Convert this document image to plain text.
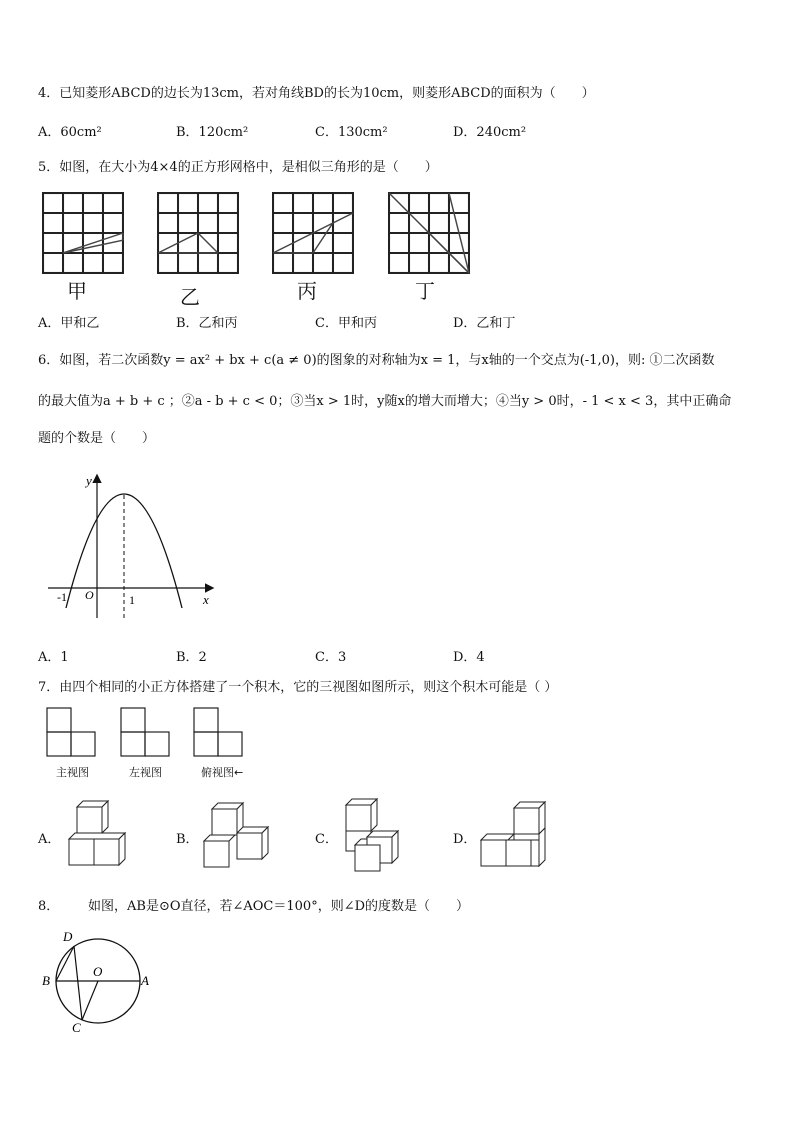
4．已知菱形ABCD的边长为13cm，若对角线BD的长为10cm，则菱形ABCD的面积为（　　）
A．60cm²	B．120cm²	C．130cm²	D．240cm²
5．如图，在大小为4×4的正方形网格中，是相似三角形的是（　　）
甲	乙	丙	丁
A．甲和乙	B．乙和丙	C．甲和丙	D．乙和丁
6．如图，若二次函数y = ax² + bx + c(a ≠ 0)的图象的对称轴为x = 1，与x轴的一个交点为(-1,0)，则: ①二次函数
的最大值为a + b + c ；②a - b + c < 0；③当x > 1时，y随x的增大而增大；④当y > 0时，- 1 < x < 3，其中正确命
题的个数是（　　）
y
x
O
-1	1
A．1	B．2	C．3	D．4
7．由四个相同的小正方体搭建了一个积木，它的三视图如图所示，则这个积木可能是（ ）
主视图	左视图	俯视图←
A．	B．	C．	D．
8． 如图，AB是⊙O直径，若∠AOC＝100°，则∠D的度数是（　　）
D
B
O
A
C
